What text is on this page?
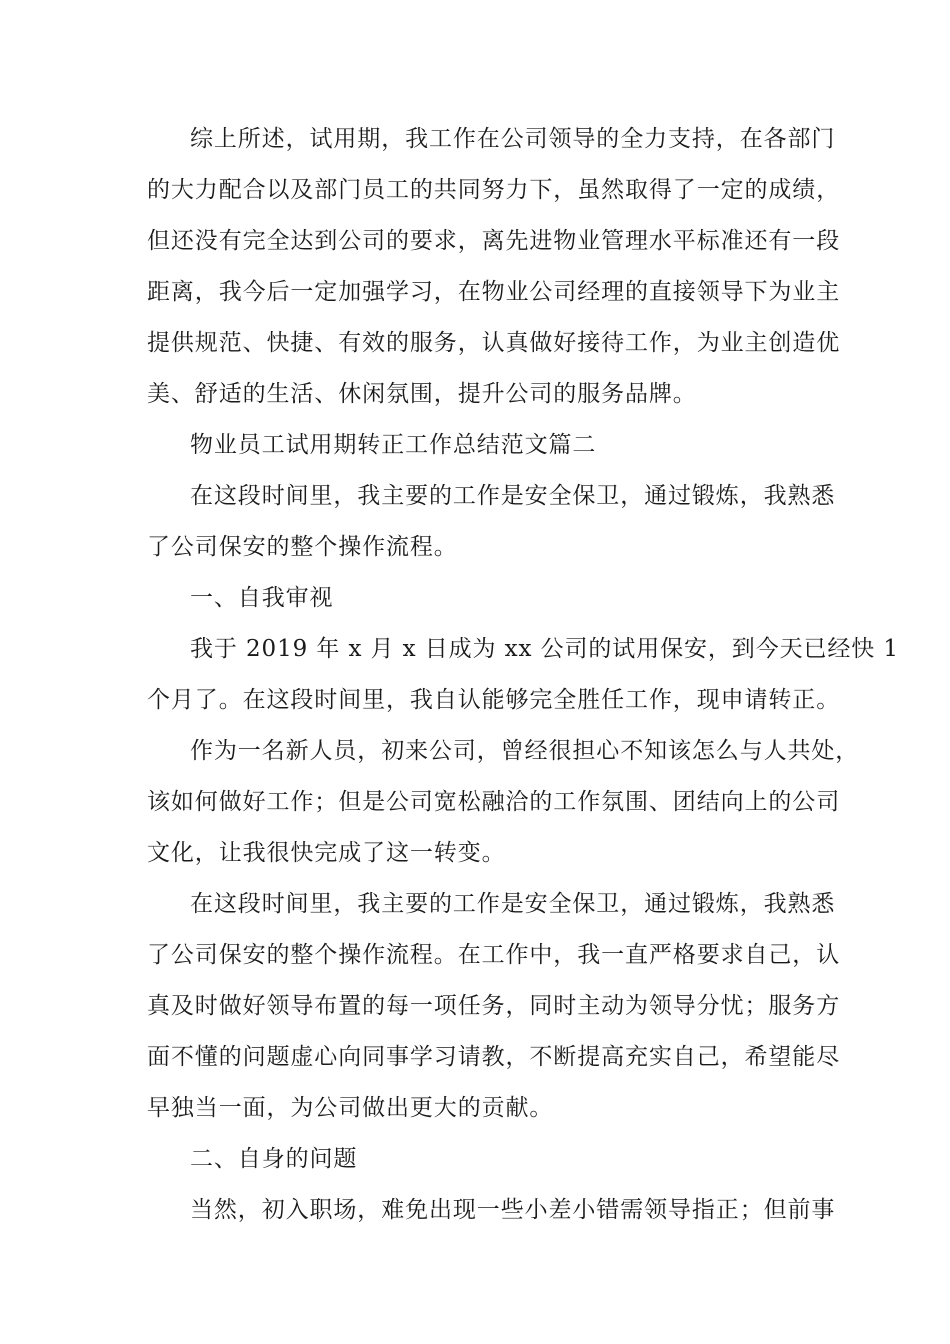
综上所述，试用期，我工作在公司领导的全力支持，在各部门
的大力配合以及部门员工的共同努力下，虽然取得了一定的成绩，
但还没有完全达到公司的要求，离先进物业管理水平标准还有一段
距离，我今后一定加强学习，在物业公司经理的直接领导下为业主
提供规范、快捷、有效的服务，认真做好接待工作，为业主创造优
美、舒适的生活、休闲氛围，提升公司的服务品牌。
物业员工试用期转正工作总结范文篇二
在这段时间里，我主要的工作是安全保卫，通过锻炼，我熟悉
了公司保安的整个操作流程。
一、自我审视
我于 2019 年 x 月 x 日成为 xx 公司的试用保安，到今天已经快 1
个月了。在这段时间里，我自认能够完全胜任工作，现申请转正。
作为一名新人员，初来公司，曾经很担心不知该怎么与人共处，
该如何做好工作；但是公司宽松融洽的工作氛围、团结向上的公司
文化，让我很快完成了这一转变。
在这段时间里，我主要的工作是安全保卫，通过锻炼，我熟悉
了公司保安的整个操作流程。在工作中，我一直严格要求自己，认
真及时做好领导布置的每一项任务，同时主动为领导分忧；服务方
面不懂的问题虚心向同事学习请教，不断提高充实自己，希望能尽
早独当一面，为公司做出更大的贡献。
二、自身的问题
当然，初入职场，难免出现一些小差小错需领导指正；但前事
